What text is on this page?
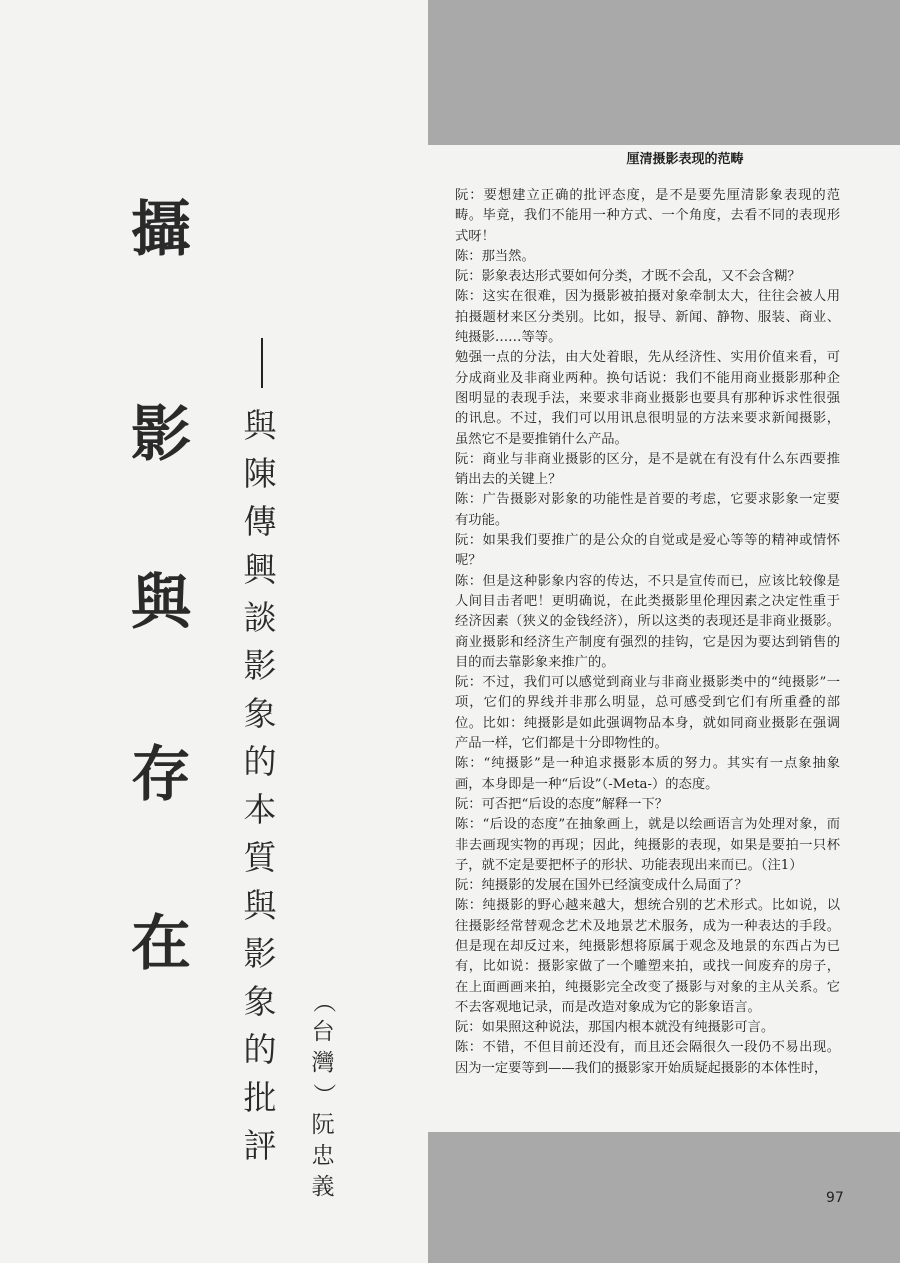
攝
影
與
存
在
與
陳
傳
興
談
影
象
的
本
質
與
影
象
的
批
評
（
台
灣
）
阮
忠
義
厘清摄影表现的范畴

阮：要想建立正确的批评态度，是不是要先厘清影象表现的范畴。毕竟，我们不能用一种方式、一个角度，去看不同的表现形式呀！

陈：那当然。

阮：影象表达形式要如何分类，才既不会乱，又不会含糊？

陈：这实在很难，因为摄影被拍摄对象牵制太大，往往会被人用拍摄题材来区分类别。比如，报导、新闻、静物、服装、商业、纯摄影……等等。

勉强一点的分法，由大处着眼，先从经济性、实用价值来看，可分成商业及非商业两种。换句话说：我们不能用商业摄影那种企图明显的表现手法，来要求非商业摄影也要具有那种诉求性很强的讯息。不过，我们可以用讯息很明显的方法来要求新闻摄影，虽然它不是要推销什么产品。

阮：商业与非商业摄影的区分，是不是就在有没有什么东西要推销出去的关键上？

陈：广告摄影对影象的功能性是首要的考虑，它要求影象一定要有功能。

阮：如果我们要推广的是公众的自觉或是爱心等等的精神或情怀呢？

陈：但是这种影象内容的传达，不只是宣传而已，应该比较像是人间目击者吧！更明确说，在此类摄影里伦理因素之决定性重于经济因素（狭义的金钱经济），所以这类的表现还是非商业摄影。商业摄影和经济生产制度有强烈的挂钩，它是因为要达到销售的目的而去靠影象来推广的。

阮：不过，我们可以感觉到商业与非商业摄影类中的“纯摄影”一项，它们的界线并非那么明显，总可感受到它们有所重叠的部位。比如：纯摄影是如此强调物品本身，就如同商业摄影在强调产品一样，它们都是十分即物性的。

陈：“纯摄影”是一种追求摄影本质的努力。其实有一点象抽象画，本身即是一种“后设”（-Meta-）的态度。

阮：可否把“后设的态度”解释一下？

陈：“后设的态度”在抽象画上，就是以绘画语言为处理对象，而非去画现实物的再现；因此，纯摄影的表现，如果是要拍一只杯子，就不定是要把杯子的形状、功能表现出来而已。（注1）

阮：纯摄影的发展在国外已经演变成什么局面了？

陈：纯摄影的野心越来越大，想统合别的艺术形式。比如说，以往摄影经常替观念艺术及地景艺术服务，成为一种表达的手段。但是现在却反过来，纯摄影想将原属于观念及地景的东西占为已有，比如说：摄影家做了一个雕塑来拍，或找一间废弃的房子，在上面画画来拍，纯摄影完全改变了摄影与对象的主从关系。它不去客观地记录，而是改造对象成为它的影象语言。

阮：如果照这种说法，那国内根本就没有纯摄影可言。

陈：不错，不但目前还没有，而且还会隔很久一段仍不易出现。因为一定要等到——我们的摄影家开始质疑起摄影的本体性时，

97
